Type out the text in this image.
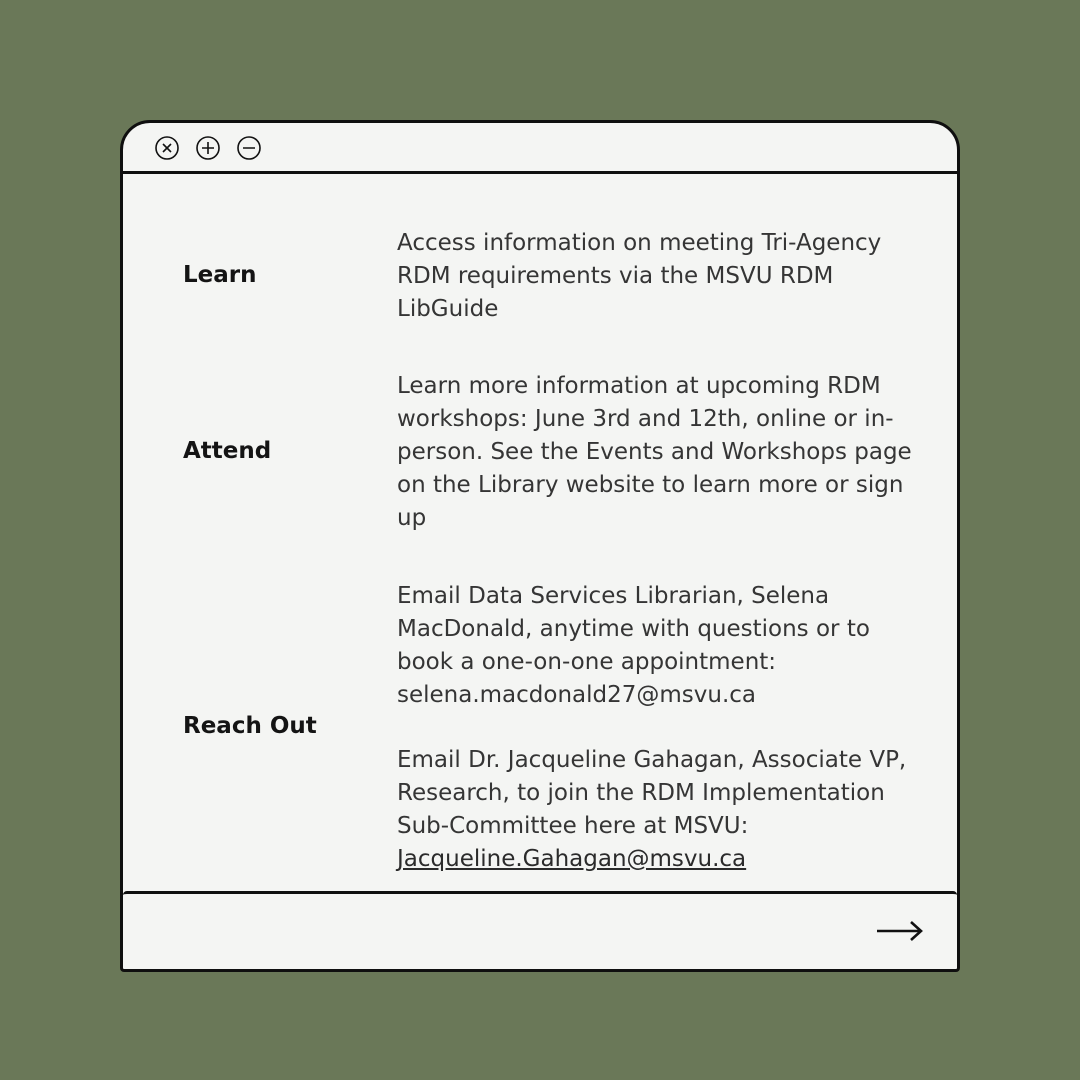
Learn
Access information on meeting Tri-Agency RDM requirements via the MSVU RDM LibGuide
Attend
Learn more information at upcoming RDM workshops: June 3rd and 12th, online or in-person. See the Events and Workshops page on the Library website to learn more or sign up
Reach Out

Email Data Services Librarian, Selena MacDonald, anytime with questions or to book a one-on-one appointment: selena.macdonald27@msvu.ca

Email Dr. Jacqueline Gahagan, Associate VP, Research, to join the RDM Implementation Sub-Committee here at MSVU: Jacqueline.Gahagan@msvu.ca
